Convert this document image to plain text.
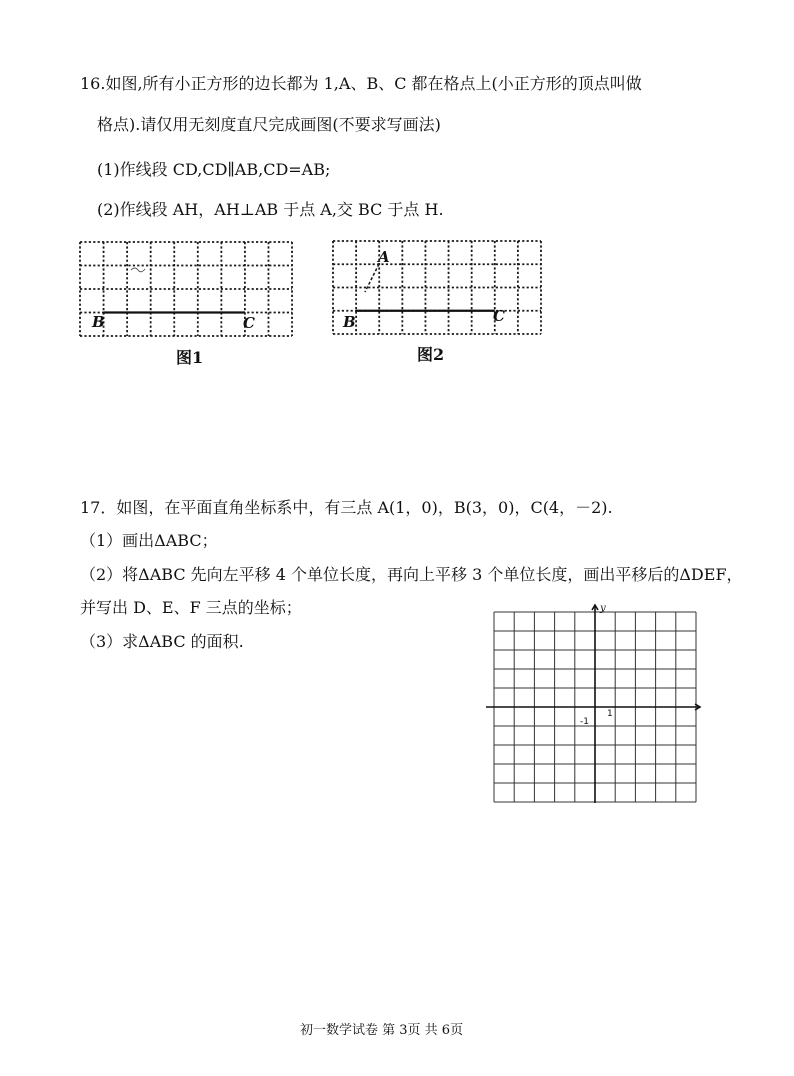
16.如图,所有小正方形的边长都为 1,A、B、C 都在格点上(小正方形的顶点叫做
格点).请仅用无刻度直尺完成画图(不要求写画法)
(1)作线段 CD,CD∥AB,CD=AB;
(2)作线段 AH，AH⊥AB 于点 A,交 BC 于点 H.
图1	图2
17．如图，在平面直角坐标系中，有三点 A(1，0)，B(3，0)，C(4，－2).
（1）画出ΔABC；
（2）将ΔABC 先向左平移 4 个单位长度，再向上平移 3 个单位长度，画出平移后的ΔDEF，
并写出 D、E、F 三点的坐标；
（3）求ΔABC 的面积.
B	C
A
B	C
y
1
-1
初一数学试卷 第 3页 共 6页
